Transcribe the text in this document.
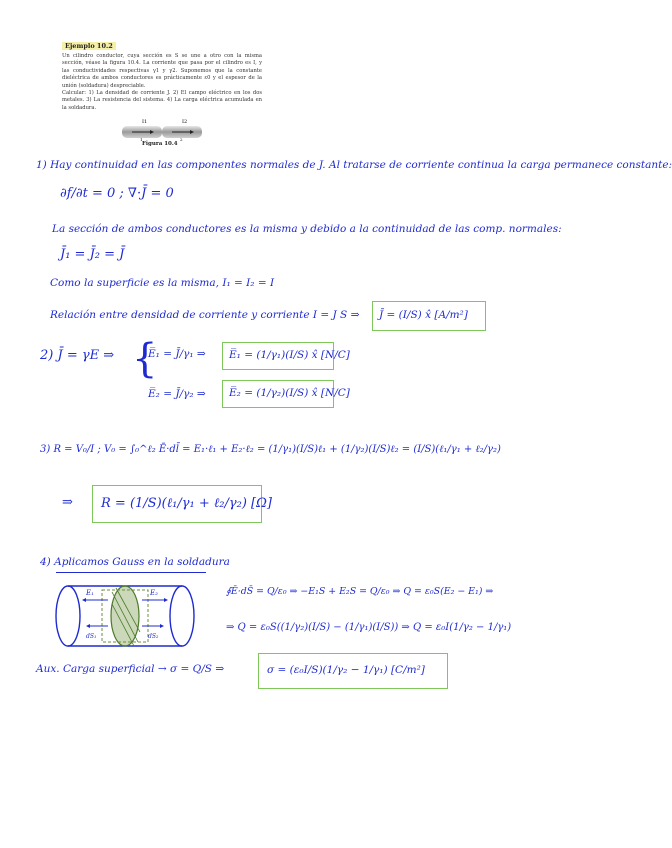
Ejemplo 10.2
Un cilindro conductor, cuya sección es S se une a otro con la misma sección, véase la figura 10.4. La corriente que pasa por el cilindro es I, y las conductividades respectivas γ1 y γ2. Suponemos que la constante dieléctrica de ambos conductores es prácticamente ε0 y el espesor de la unión (soldadura) despreciable.
Calcular: 1) La densidad de corriente J. 2) El campo eléctrico en los dos metales. 3) La resistencia del sistema. 4) La carga eléctrica acumulada en la soldadura.
I1	I2
1	2
Figura 10.4
1) Hay continuidad en las componentes normales de J. Al tratarse de corriente continua la carga permanece constante:
∂f/∂t = 0 ; ∇·J̄ = 0
La sección de ambos conductores es la misma y debido a la continuidad de las comp. normales:
J̄₁ = J̄₂ = J̄
Como la superficie es la misma, I₁ = I₂ = I
Relación entre densidad de corriente y corriente I = J S ⇒ J̄ = (I/S) x̂ [A/m²]
2) J̄ = γE ⇒ {
E̅₁ = J̄/γ₁ ⇒ E̅₁ = (1/γ₁)(I/S) x̂ [N/C]
E̅₂ = J̄/γ₂ ⇒ E̅₂ = (1/γ₂)(I/S) x̂ [N/C]
3) R = V₀/I ; V₀ = ∫₀^ℓ₂ Ē·dl̄ = E₁·ℓ₁ + E₂·ℓ₂ = (1/γ₁)(I/S)ℓ₁ + (1/γ₂)(I/S)ℓ₂ = (I/S)(ℓ₁/γ₁ + ℓ₂/γ₂)
⇒ R = (1/S)(ℓ₁/γ₁ + ℓ₂/γ₂) [Ω]
4) Aplicamos Gauss en la soldadura
E₁	E₂
dS₁	dS₂
∮Ē·dS̄ = Q/ε₀ ⇒ −E₁S + E₂S = Q/ε₀ ⇒ Q = ε₀S(E₂ − E₁) ⇒
⇒ Q = ε₀S((1/γ₂)(I/S) − (1/γ₁)(I/S)) ⇒ Q = ε₀I(1/γ₂ − 1/γ₁)
Aux. Carga superficial → σ = Q/S ⇒	σ = (ε₀I/S)(1/γ₂ − 1/γ₁) [C/m²]
